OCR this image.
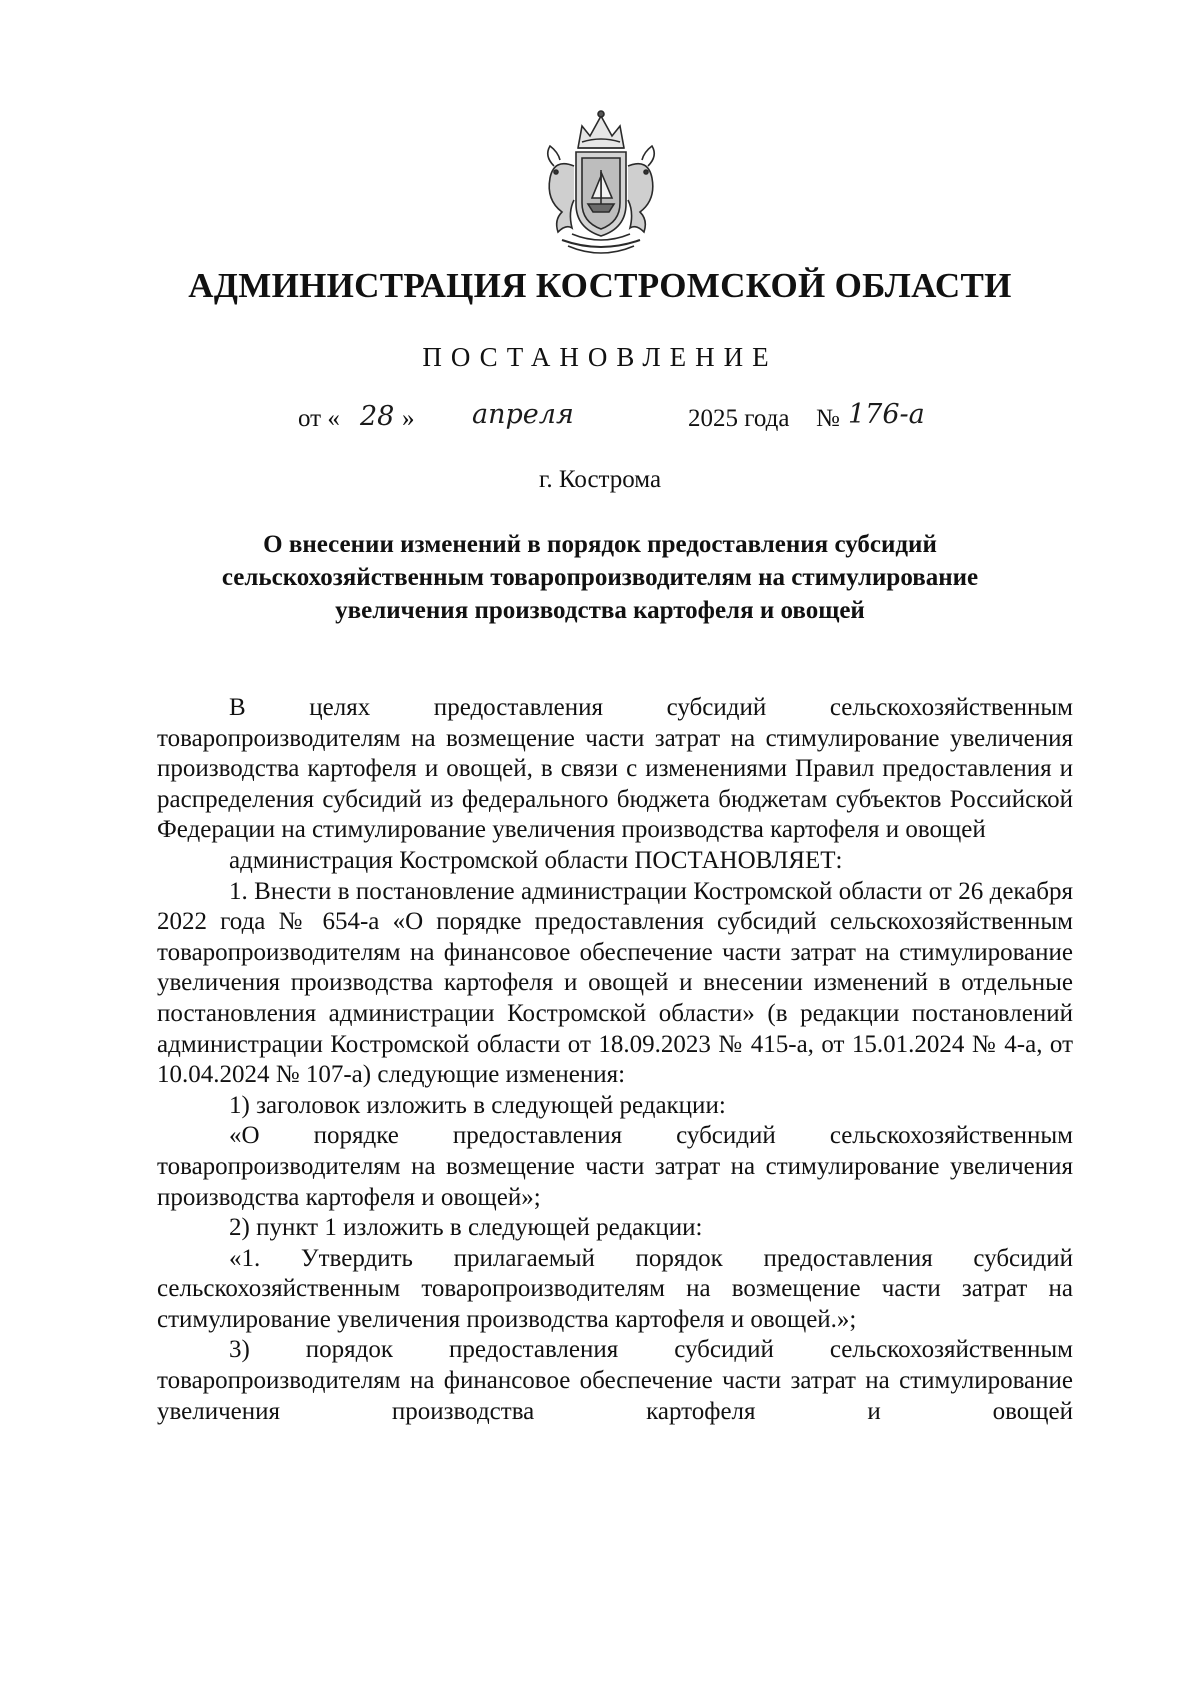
АДМИНИСТРАЦИЯ КОСТРОМСКОЙ ОБЛАСТИ
ПОСТАНОВЛЕНИЕ
от « 28 » апреля	2025 года № 176-а
г. Кострома
О внесении изменений в порядок предоставления субсидий сельскохозяйственным товаропроизводителям на стимулирование увеличения производства картофеля и овощей

В целях предоставления субсидий сельскохозяйственным товаропроизводителям на возмещение части затрат на стимулирование увеличения производства картофеля и овощей, в связи с изменениями Правил предоставления и распределения субсидий из федерального бюджета бюджетам субъектов Российской Федерации на стимулирование увеличения производства картофеля и овощей

администрация Костромской области ПОСТАНОВЛЯЕТ:

1. Внести в постановление администрации Костромской области от 26 декабря 2022 года № 654-а «О порядке предоставления субсидий сельскохозяйственным товаропроизводителям на финансовое обеспечение части затрат на стимулирование увеличения производства картофеля и овощей и внесении изменений в отдельные постановления администрации Костромской области» (в редакции постановлений администрации Костромской области от 18.09.2023 № 415-а, от 15.01.2024 № 4-а, от 10.04.2024 № 107-а) следующие изменения:

1) заголовок изложить в следующей редакции:

«О порядке предоставления субсидий сельскохозяйственным товаропроизводителям на возмещение части затрат на стимулирование увеличения производства картофеля и овощей»;

2) пункт 1 изложить в следующей редакции:

«1. Утвердить прилагаемый порядок предоставления субсидий сельскохозяйственным товаропроизводителям на возмещение части затрат на стимулирование увеличения производства картофеля и овощей.»;

3) порядок предоставления субсидий сельскохозяйственным товаропроизводителям на финансовое обеспечение части затрат на стимулирование увеличения производства картофеля и овощей
